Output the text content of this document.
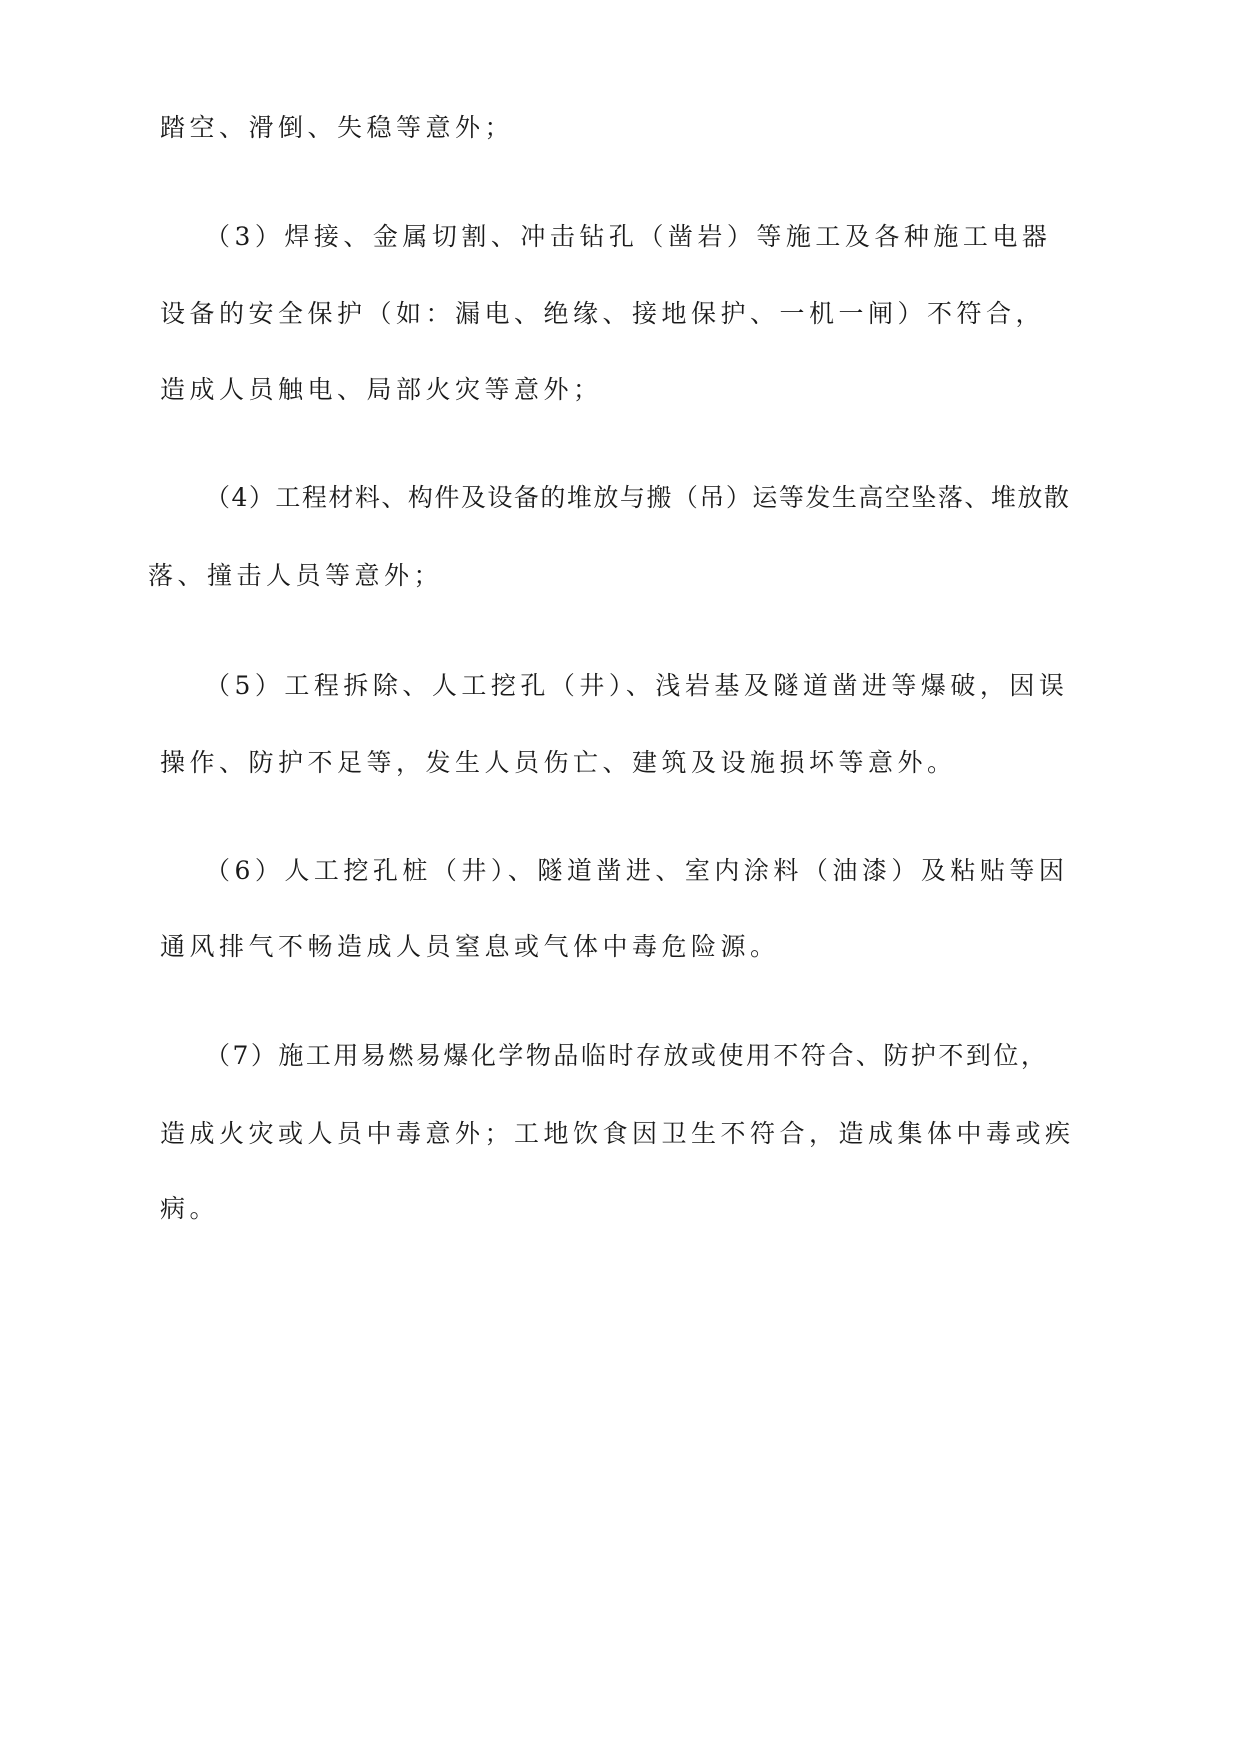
踏空、滑倒、失稳等意外；

（3）焊接、金属切割、冲击钻孔（凿岩）等施工及各种施工电器

设备的安全保护（如：漏电、绝缘、接地保护、一机一闸）不符合，

造成人员触电、局部火灾等意外；

（4）工程材料、构件及设备的堆放与搬（吊）运等发生高空坠落、堆放散

落、撞击人员等意外；

（5）工程拆除、人工挖孔（井）、浅岩基及隧道凿进等爆破，因误

操作、防护不足等，发生人员伤亡、建筑及设施损坏等意外。

（6）人工挖孔桩（井）、隧道凿进、室内涂料（油漆）及粘贴等因

通风排气不畅造成人员窒息或气体中毒危险源。

（7）施工用易燃易爆化学物品临时存放或使用不符合、防护不到位，

造成火灾或人员中毒意外；工地饮食因卫生不符合，造成集体中毒或疾

病。
